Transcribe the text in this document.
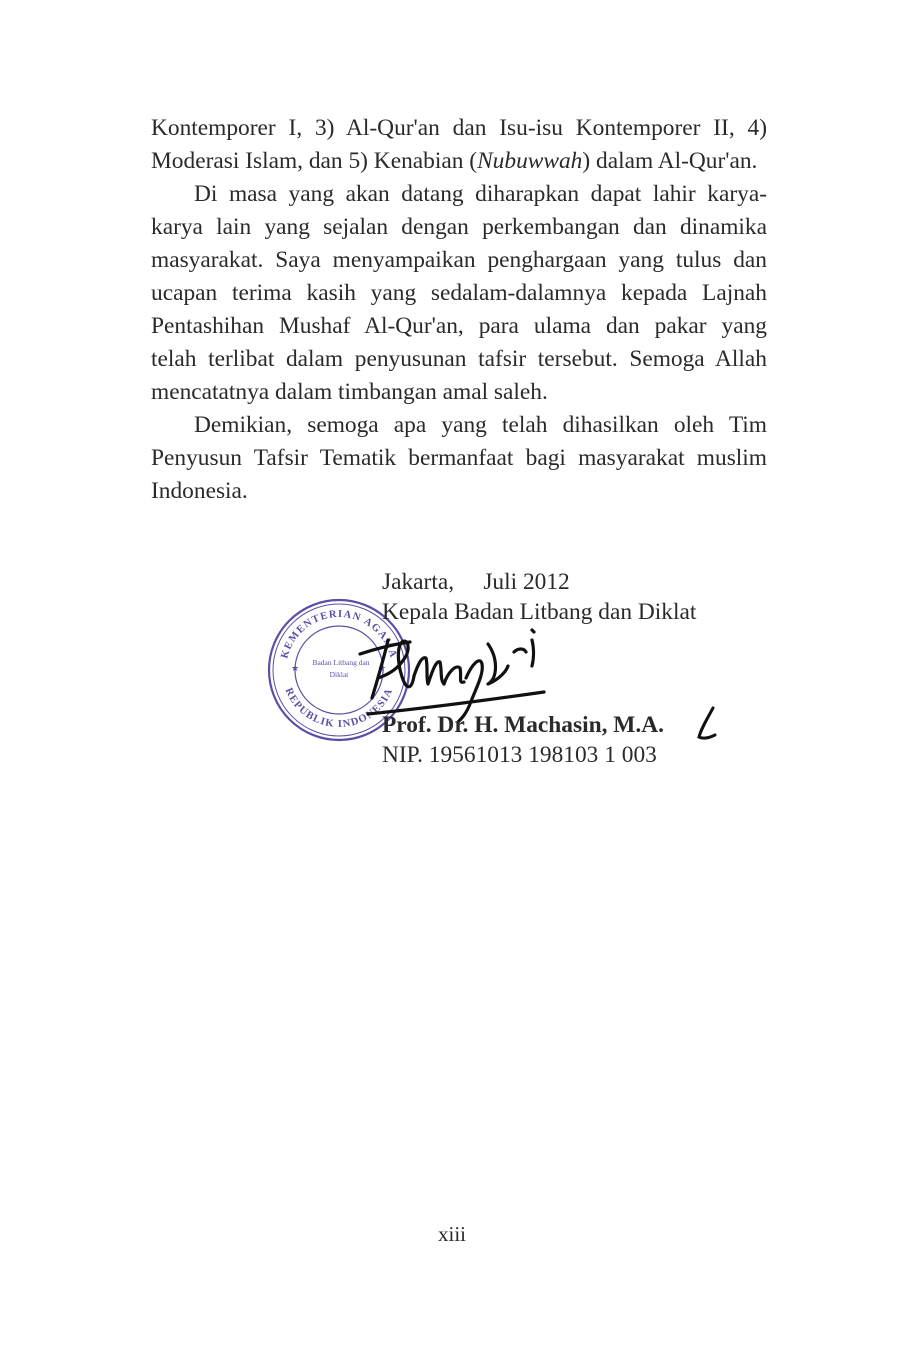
Kontemporer I, 3) Al-Qur'an dan Isu-isu Kontemporer II, 4)
Moderasi Islam, dan 5) Kenabian (Nubuwwah) dalam Al-Qur'an.

Di masa yang akan datang diharapkan dapat lahir karya-
karya lain yang sejalan dengan perkembangan dan dinamika
masyarakat. Saya menyampaikan penghargaan yang tulus dan
ucapan terima kasih yang sedalam-dalamnya kepada Lajnah
Pentashihan Mushaf Al-Qur'an, para ulama dan pakar yang
telah terlibat dalam penyusunan tafsir tersebut. Semoga Allah
mencatatnya dalam timbangan amal saleh.

Demikian, semoga apa yang telah dihasilkan oleh Tim
Penyusun Tafsir Tematik bermanfaat bagi masyarakat muslim
Indonesia.

KEMENTERIAN AGAMA
REPUBLIK INDONESIA
★	★
Badan Litbang dan
Diklat
Jakarta,     Juli 2012
Kepala Badan Litbang dan Diklat
Prof. Dr. H. Machasin, M.A.
NIP. 19561013 198103 1 003
xiii
